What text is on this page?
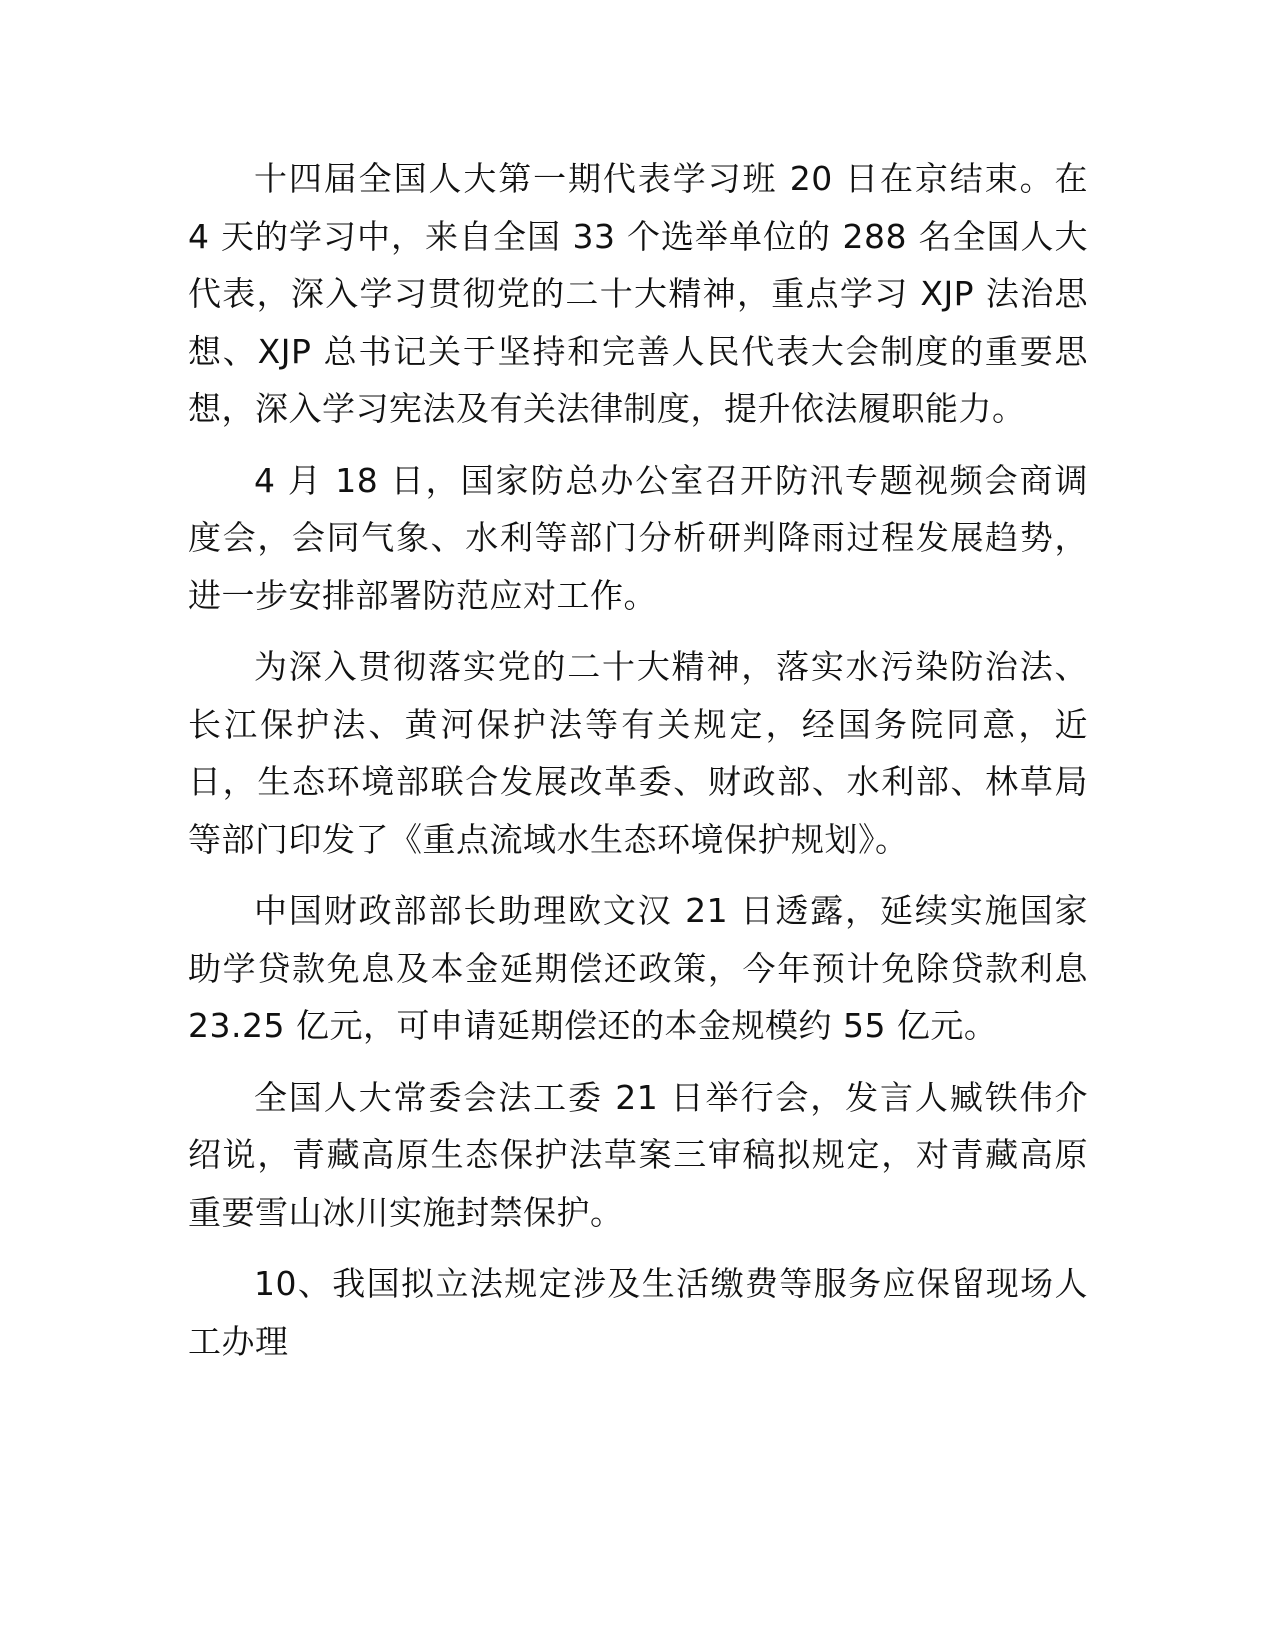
十四届全国人大第一期代表学习班 20 日在京结束。在 4 天的学习中，来自全国 33 个选举单位的 288 名全国人大代表，深入学习贯彻党的二十大精神，重点学习 XJP 法治思想、XJP 总书记关于坚持和完善人民代表大会制度的重要思想，深入学习宪法及有关法律制度，提升依法履职能力。

4 月 18 日，国家防总办公室召开防汛专题视频会商调度会，会同气象、水利等部门分析研判降雨过程发展趋势，进一步安排部署防范应对工作。

为深入贯彻落实党的二十大精神，落实水污染防治法、长江保护法、黄河保护法等有关规定，经国务院同意，近日，生态环境部联合发展改革委、财政部、水利部、林草局等部门印发了《重点流域水生态环境保护规划》。

中国财政部部长助理欧文汉 21 日透露，延续实施国家助学贷款免息及本金延期偿还政策，今年预计免除贷款利息 23.25 亿元，可申请延期偿还的本金规模约 55 亿元。

全国人大常委会法工委 21 日举行会，发言人臧铁伟介绍说，青藏高原生态保护法草案三审稿拟规定，对青藏高原重要雪山冰川实施封禁保护。

10、我国拟立法规定涉及生活缴费等服务应保留现场人工办理
